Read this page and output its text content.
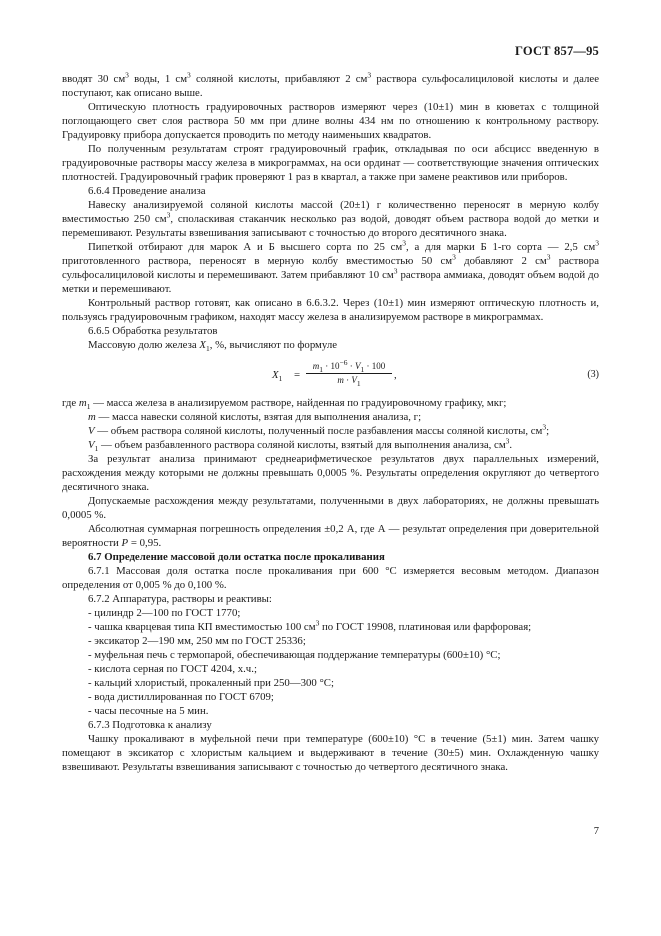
ГОСТ 857—95

вводят 30 $см^3$ воды, 1 $см^3$ соляной кислоты, прибавляют 2 $см^3$ раствора сульфосалициловой кислоты и далее поступают, как описано выше.

Оптическую плотность градуировочных растворов измеряют через (10±1) мин в кюветах с толщиной поглощающего свет слоя раствора 50 мм при длине волны 434 нм по отношению к контрольному раствору. Градуировку прибора допускается проводить по методу наименьших квадратов.

По полученным результатам строят градуировочный график, откладывая по оси абсцисс введенную в градуировочные растворы массу железа в микрограммах, на оси ординат — соответствующие значения оптических плотностей. Градуировочный график проверяют 1 раз в квартал, а также при замене реактивов или приборов.

6.6.4 Проведение анализа

Навеску анализируемой соляной кислоты массой (20±1) г количественно переносят в мерную колбу вместимостью 250 $см^3$, споласкивая стаканчик несколько раз водой, доводят объем раствора водой до метки и перемешивают. Результаты взвешивания записывают с точностью до второго десятичного знака.

Пипеткой отбирают для марок А и Б высшего сорта по 25 $см^3$, а для марки Б 1-го сорта — 2,5 $см^3$ приготовленного раствора, переносят в мерную колбу вместимостью 50 $см^3$ добавляют 2 $см^3$ раствора сульфосалициловой кислоты и перемешивают. Затем прибавляют 10 $см^3$ раствора аммиака, доводят объем водой до метки и перемешивают.

Контрольный раствор готовят, как описано в 6.6.3.2. Через (10±1) мин измеряют оптическую плотность и, пользуясь градуировочным графиком, находят массу железа в анализируемом растворе в микрограммах.

6.6.5 Обработка результатов

Массовую долю железа $X_1$, %, вычисляют по формуле

$X_1 = \frac{m_1 \cdot 10^{-6} \cdot V_1 \cdot 100}{m \cdot V_1}$ ,	(3)

где $m_1$ — масса железа в анализируемом растворе, найденная по градуировочному графику, мкг;

m — масса навески соляной кислоты, взятая для выполнения анализа, г;

V — объем раствора соляной кислоты, полученный после разбавления массы соляной кислоты, $см^3$;

$V_1$ — объем разбавленного раствора соляной кислоты, взятый для выполнения анализа, $см^3$.

За результат анализа принимают среднеарифметическое результатов двух параллельных измерений, расхождения между которыми не должны превышать 0,0005 %. Результаты определения округляют до четвертого десятичного знака.

Допускаемые расхождения между результатами, полученными в двух лабораториях, не должны превышать 0,0005 %.

Абсолютная суммарная погрешность определения ±0,2 А, где А — результат определения при доверительной вероятности P = 0,95.

6.7 Определение массовой доли остатка после прокаливания

6.7.1 Массовая доля остатка после прокаливания при 600 °С измеряется весовым методом. Диапазон определения от 0,005 % до 0,100 %.

6.7.2 Аппаратура, растворы и реактивы:

- цилиндр 2—100 по ГОСТ 1770;

- чашка кварцевая типа КП вместимостью 100 $см^3$ по ГОСТ 19908, платиновая или фарфоровая;

- эксикатор 2—190 мм, 250 мм по ГОСТ 25336;

- муфельная печь с термопарой, обеспечивающая поддержание температуры (600±10) °С;

- кислота серная по ГОСТ 4204, х.ч.;

- кальций хлористый, прокаленный при 250—300 °С;

- вода дистиллированная по ГОСТ 6709;

- часы песочные на 5 мин.

6.7.3 Подготовка к анализу

Чашку прокаливают в муфельной печи при температуре (600±10) °С в течение (5±1) мин. Затем чашку помещают в эксикатор с хлористым кальцием и выдерживают в течение (30±5) мин. Охлажденную чашку взвешивают. Результаты взвешивания записывают с точностью до четвертого десятичного знака.

7
